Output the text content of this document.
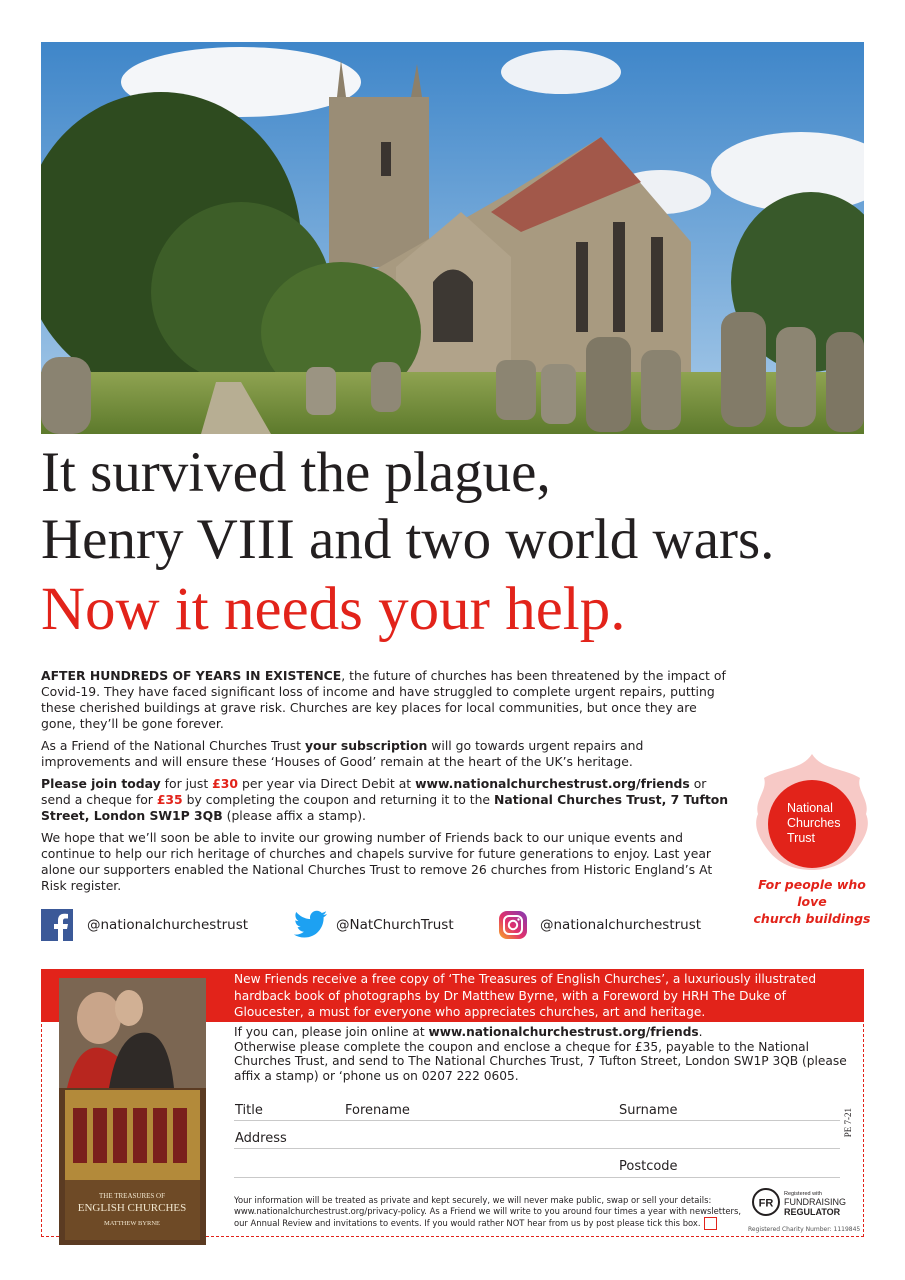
It survived the plague,
Henry VIII and two world wars.
Now it needs your help.

AFTER HUNDREDS OF YEARS IN EXISTENCE, the future of churches has been threatened by the impact of Covid-19. They have faced significant loss of income and have struggled to complete urgent repairs, putting these cherished buildings at grave risk. Churches are key places for local communities, but once they are gone, they’ll be gone forever.

As a Friend of the National Churches Trust your subscription will go towards urgent repairs and improvements and will ensure these ‘Houses of Good’ remain at the heart of the UK’s heritage.

Please join today for just £30 per year via Direct Debit at www.nationalchurchestrust.org/friends or send a cheque for £35 by completing the coupon and returning it to the National Churches Trust, 7 Tufton Street, London SW1P 3QB (please affix a stamp).

We hope that we’ll soon be able to invite our growing number of Friends back to our unique events and continue to help our rich heritage of churches and chapels survive for future generations to enjoy. Last year alone our supporters enabled the National Churches Trust to remove 26 churches from Historic England’s At Risk register.

National
Churches
Trust
For people who love
church buildings
@nationalchurchestrust	@NatChurchTrust	@nationalchurchestrust
New Friends receive a free copy of ‘The Treasures of English Churches’, a luxuriously illustrated hardback book of photographs by Dr Matthew Byrne, with a Foreword by HRH The Duke of Gloucester, a must for everyone who appreciates churches, art and heritage.
THE TREASURES OF
ENGLISH CHURCHES
MATTHEW BYRNE
If you can, please join online at www.nationalchurchestrust.org/friends.
Otherwise please complete the coupon and enclose a cheque for £35, payable to the National Churches Trust, and send to The National Churches Trust, 7 Tufton Street, London SW1P 3QB (please affix a stamp) or ‘phone us on 0207 222 0605.
Title	Forename	Surname
Address
Postcode
PE 7-21
Your information will be treated as private and kept securely, we will never make public, swap or sell your details: www.nationalchurchestrust.org/privacy-policy. As a Friend we will write to you around four times a year with newsletters, our Annual Review and invitations to events. If you would rather NOT hear from us by post please tick this box.
FR
Registered with
FUNDRAISING
REGULATOR
Registered Charity Number: 1119845
